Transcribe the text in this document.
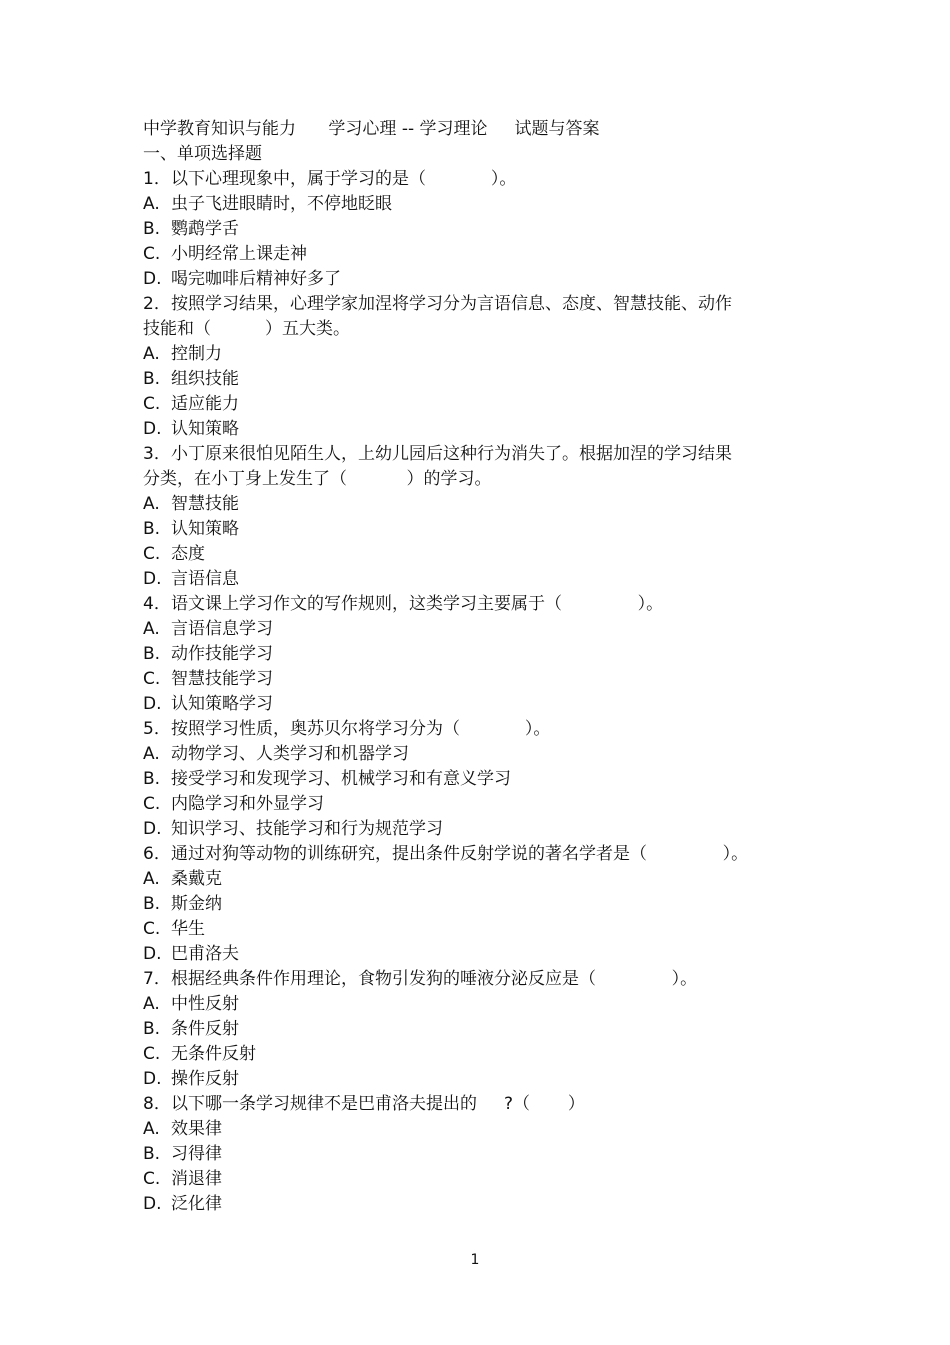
中学教育知识与能力      学习心理 -- 学习理论     试题与答案
一、单项选择题
1．以下心理现象中，属于学习的是（            ）。
A. 虫子飞进眼睛时，不停地眨眼
B. 鹦鹉学舌
C. 小明经常上课走神
D. 喝完咖啡后精神好多了
2．按照学习结果，心理学家加涅将学习分为言语信息、态度、智慧技能、动作
技能和（          ）五大类。
A. 控制力
B. 组织技能
C. 适应能力
D. 认知策略
3．小丁原来很怕见陌生人，上幼儿园后这种行为消失了。根据加涅的学习结果
分类，在小丁身上发生了（           ）的学习。
A. 智慧技能
B. 认知策略
C. 态度
D. 言语信息
4．语文课上学习作文的写作规则，这类学习主要属于（              ）。
A. 言语信息学习
B. 动作技能学习
C. 智慧技能学习
D. 认知策略学习
5．按照学习性质，奥苏贝尔将学习分为（            ）。
A. 动物学习、人类学习和机器学习
B. 接受学习和发现学习、机械学习和有意义学习
C. 内隐学习和外显学习
D. 知识学习、技能学习和行为规范学习
6．通过对狗等动物的训练研究，提出条件反射学说的著名学者是（              ）。
A. 桑戴克
B. 斯金纳
C. 华生
D. 巴甫洛夫
7．根据经典条件作用理论，食物引发狗的唾液分泌反应是（              ）。
A. 中性反射
B. 条件反射
C. 无条件反射
D. 操作反射
8．以下哪一条学习规律不是巴甫洛夫提出的     ?（       ）
A. 效果律
B. 习得律
C. 消退律
D. 泛化律
1
